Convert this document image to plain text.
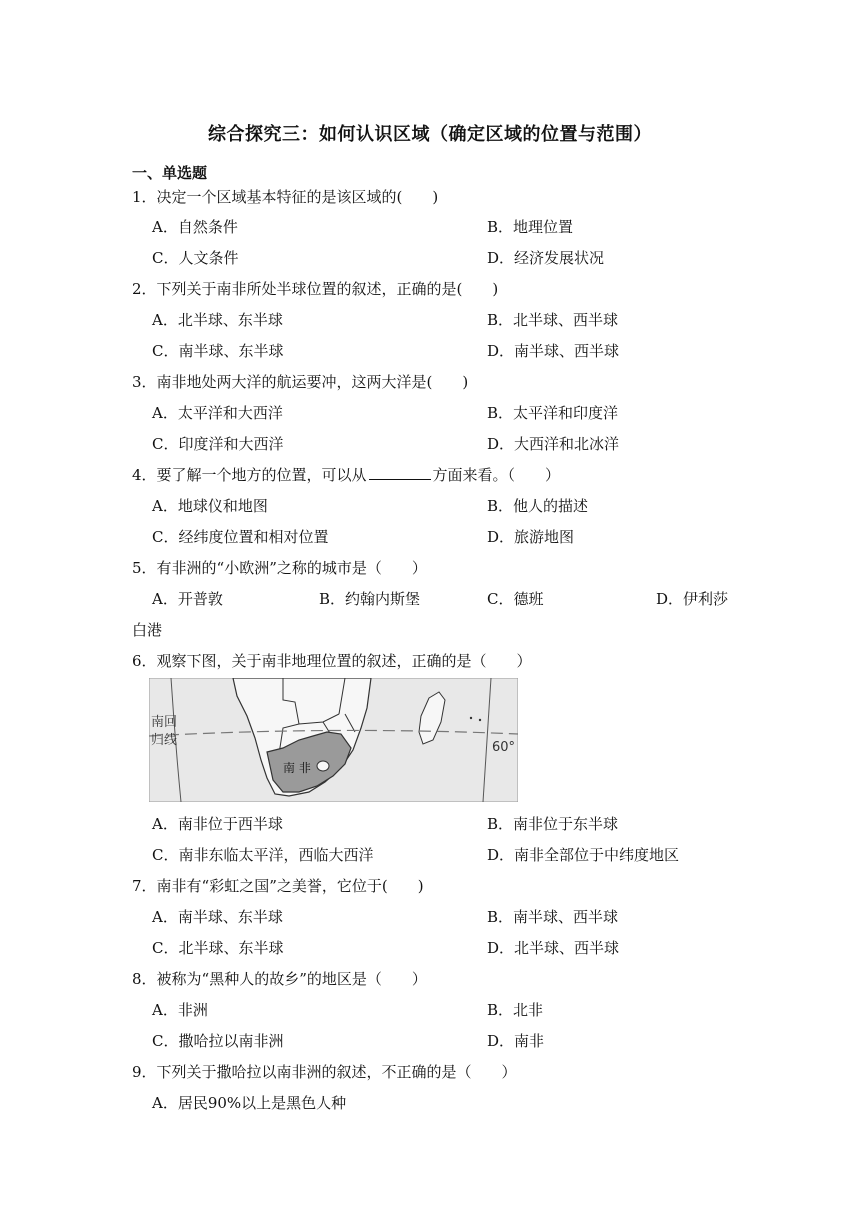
综合探究三：如何认识区域（确定区域的位置与范围）
一、单选题
1．决定一个区域基本特征的是该区域的(　　)
A．自然条件	B．地理位置
C．人文条件	D．经济发展状况
2．下列关于南非所处半球位置的叙述，正确的是(　　)
A．北半球、东半球	B．北半球、西半球
C．南半球、东半球	D．南半球、西半球
3．南非地处两大洋的航运要冲，这两大洋是(　　)
A．太平洋和大西洋	B．太平洋和印度洋
C．印度洋和大西洋	D．大西洋和北冰洋
4．要了解一个地方的位置，可以从	方面来看。（　　）
A．地球仪和地图	B．他人的描述
C．经纬度位置和相对位置	D．旅游地图
5．有非洲的“小欧洲”之称的城市是（　　）
A．开普敦	B．约翰内斯堡	C．德班	D．伊利莎
白港
6．观察下图，关于南非地理位置的叙述，正确的是（　　）
南回
归线
南 非
60°
A．南非位于西半球	B．南非位于东半球
C．南非东临太平洋，西临大西洋	D．南非全部位于中纬度地区
7．南非有“彩虹之国”之美誉，它位于(　　)
A．南半球、东半球	B．南半球、西半球
C．北半球、东半球	D．北半球、西半球
8．被称为“黑种人的故乡”的地区是（　　）
A．非洲	B．北非
C．撒哈拉以南非洲	D．南非
9．下列关于撒哈拉以南非洲的叙述，不正确的是（　　）
A．居民90%以上是黑色人种
